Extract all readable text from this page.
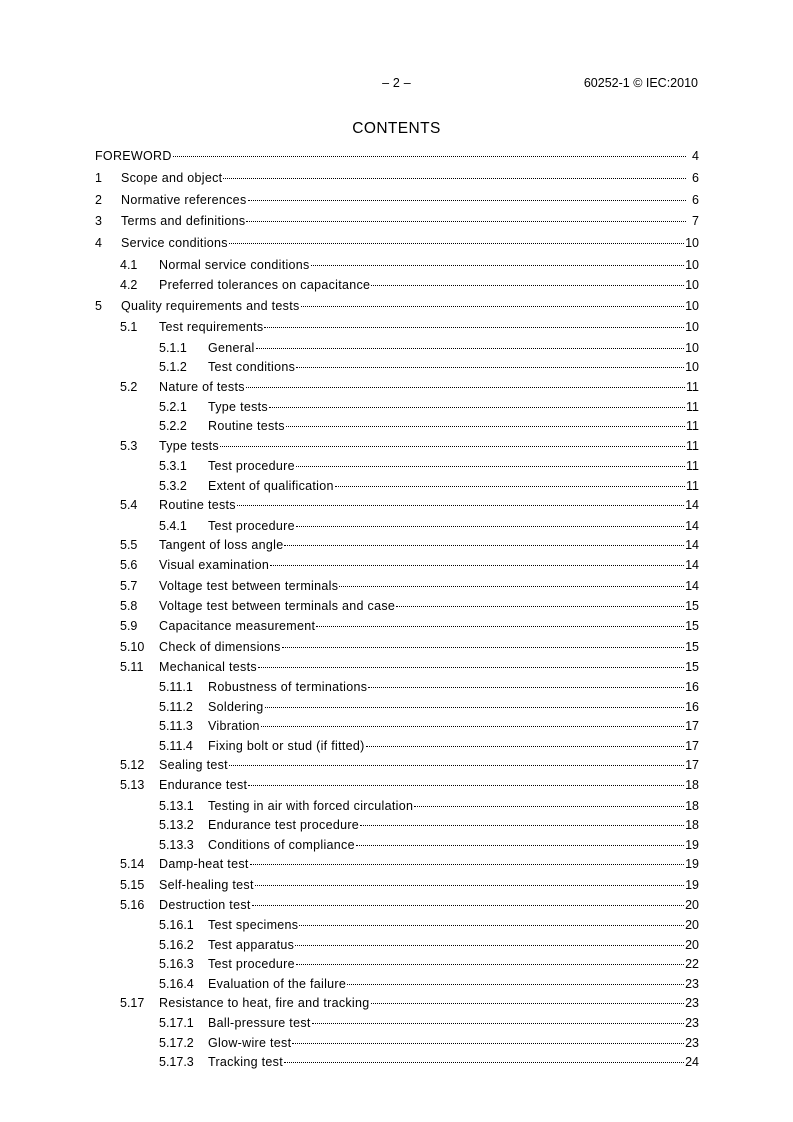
– 2 –	60252-1 © IEC:2010
CONTENTS
FOREWORD	4
1	Scope and object	6
2	Normative references	6
3	Terms and definitions	7
4	Service conditions	10
4.1	Normal service conditions	10
4.2	Preferred tolerances on capacitance	10
5	Quality requirements and tests	10
5.1	Test requirements	10
5.1.1	General	10
5.1.2	Test conditions	10
5.2	Nature of tests	11
5.2.1	Type tests	11
5.2.2	Routine tests	11
5.3	Type tests	11
5.3.1	Test procedure	11
5.3.2	Extent of qualification	11
5.4	Routine tests	14
5.4.1	Test procedure	14
5.5	Tangent of loss angle	14
5.6	Visual examination	14
5.7	Voltage test between terminals	14
5.8	Voltage test between terminals and case	15
5.9	Capacitance measurement	15
5.10	Check of dimensions	15
5.11	Mechanical tests	15
5.11.1	Robustness of terminations	16
5.11.2	Soldering	16
5.11.3	Vibration	17
5.11.4	Fixing bolt or stud (if fitted)	17
5.12	Sealing test	17
5.13	Endurance test	18
5.13.1	Testing in air with forced circulation	18
5.13.2	Endurance test procedure	18
5.13.3	Conditions of compliance	19
5.14	Damp-heat test	19
5.15	Self-healing test	19
5.16	Destruction test	20
5.16.1	Test specimens	20
5.16.2	Test apparatus	20
5.16.3	Test procedure	22
5.16.4	Evaluation of the failure	23
5.17	Resistance to heat, fire and tracking	23
5.17.1	Ball-pressure test	23
5.17.2	Glow-wire test	23
5.17.3	Tracking test	24
